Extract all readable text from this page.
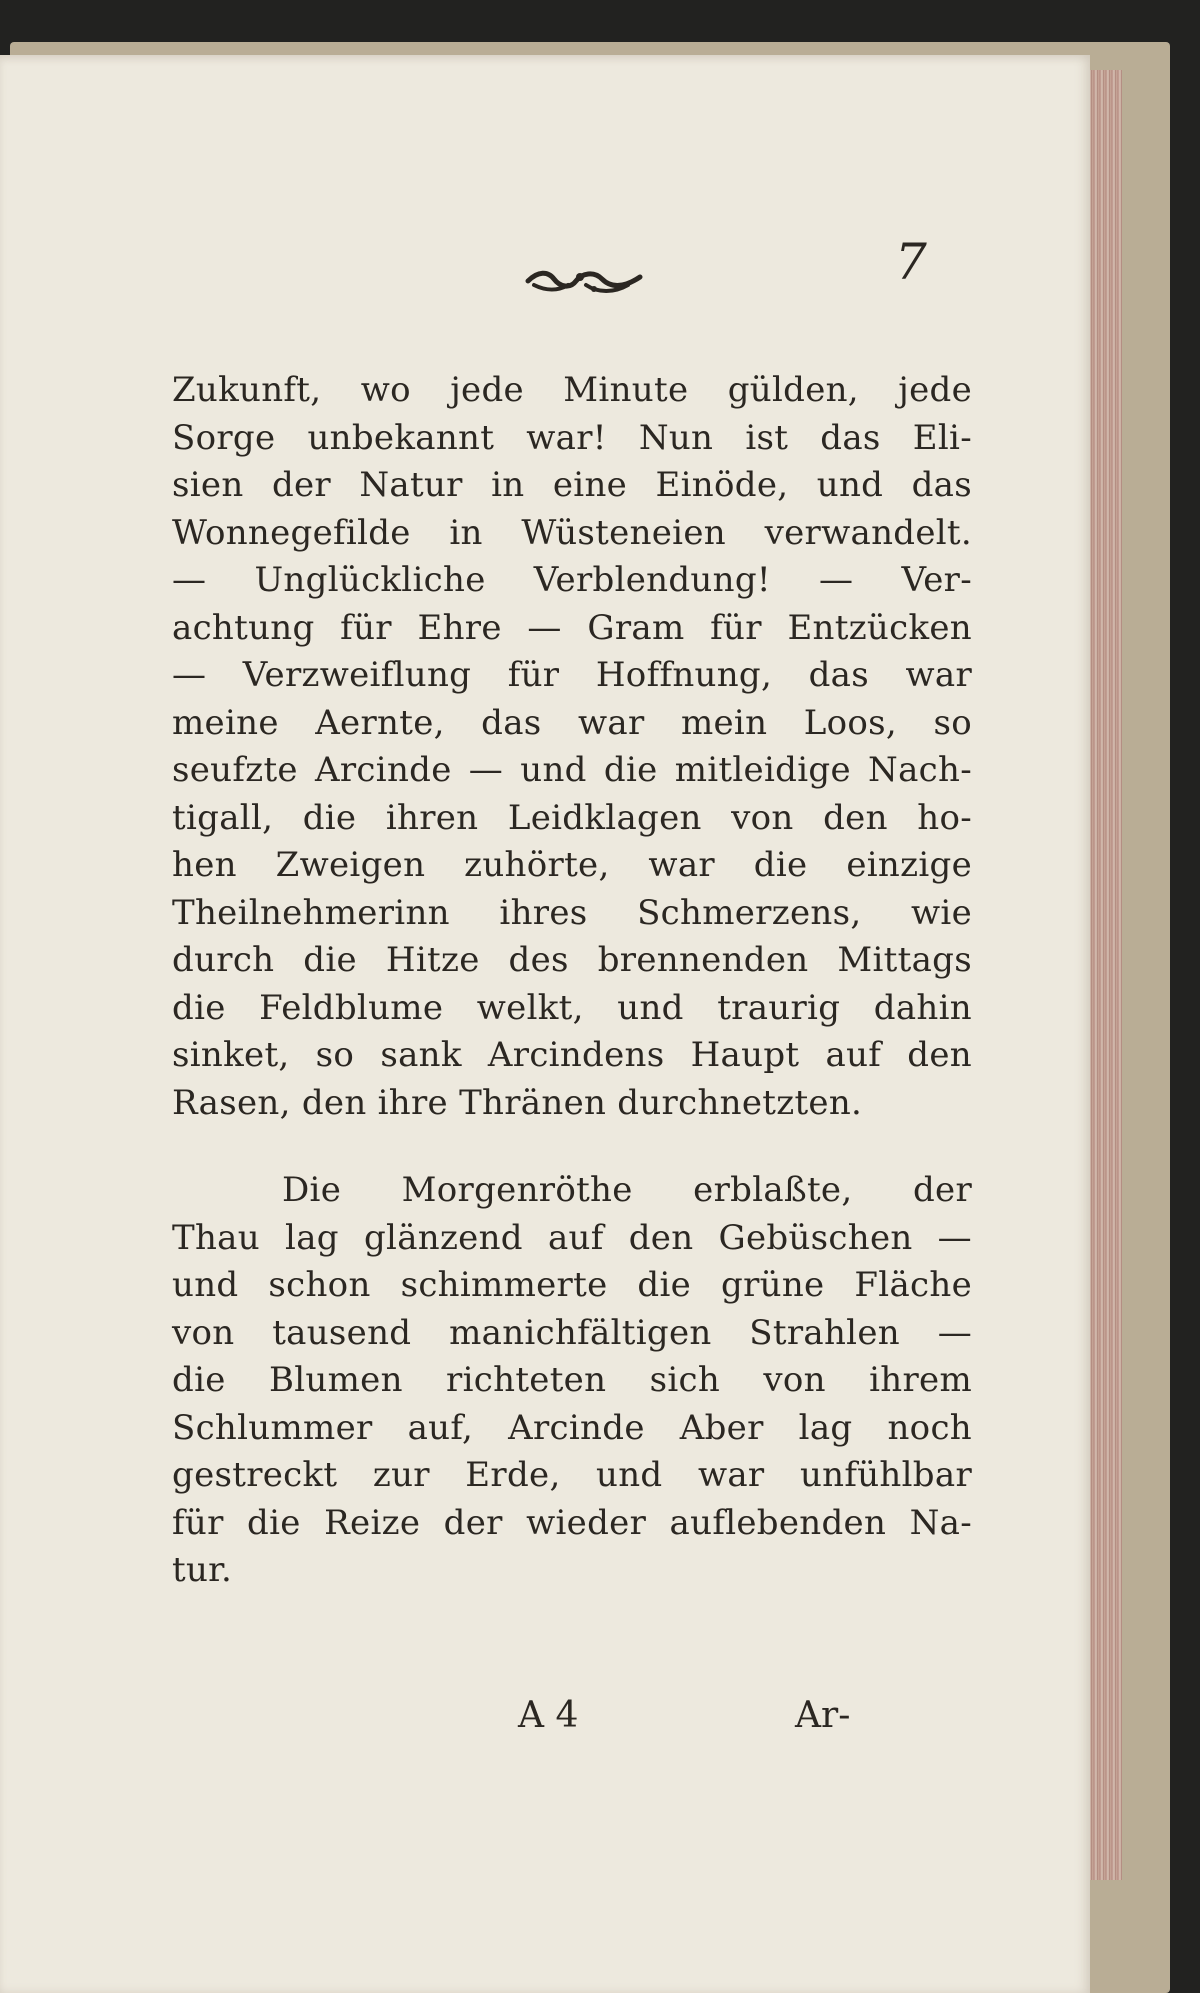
7
Zukunft, wo jede Minute gülden, jede
Sorge unbekannt war! Nun ist das Eli-
sien der Natur in eine Einöde, und das
Wonnegefilde in Wüsteneien verwandelt.
— Unglückliche Verblendung! — Ver-
achtung für Ehre — Gram für Entzücken
— Verzweiflung für Hoffnung, das war
meine Aernte, das war mein Loos, so
seufzte Arcinde — und die mitleidige Nach-
tigall, die ihren Leidklagen von den ho-
hen Zweigen zuhörte, war die einzige
Theilnehmerinn ihres Schmerzens, wie
durch die Hitze des brennenden Mittags
die Feldblume welkt, und traurig dahin
sinket, so sank Arcindens Haupt auf den
Rasen, den ihre Thränen durchnetzten.
Die Morgenröthe erblaßte, der
Thau lag glänzend auf den Gebüschen —
und schon schimmerte die grüne Fläche
von tausend manichfältigen Strahlen —
die Blumen richteten sich von ihrem
Schlummer auf, Arcinde Aber lag noch
gestreckt zur Erde, und war unfühlbar
für die Reize der wieder auflebenden Na-
tur.
A 4	Ar-
